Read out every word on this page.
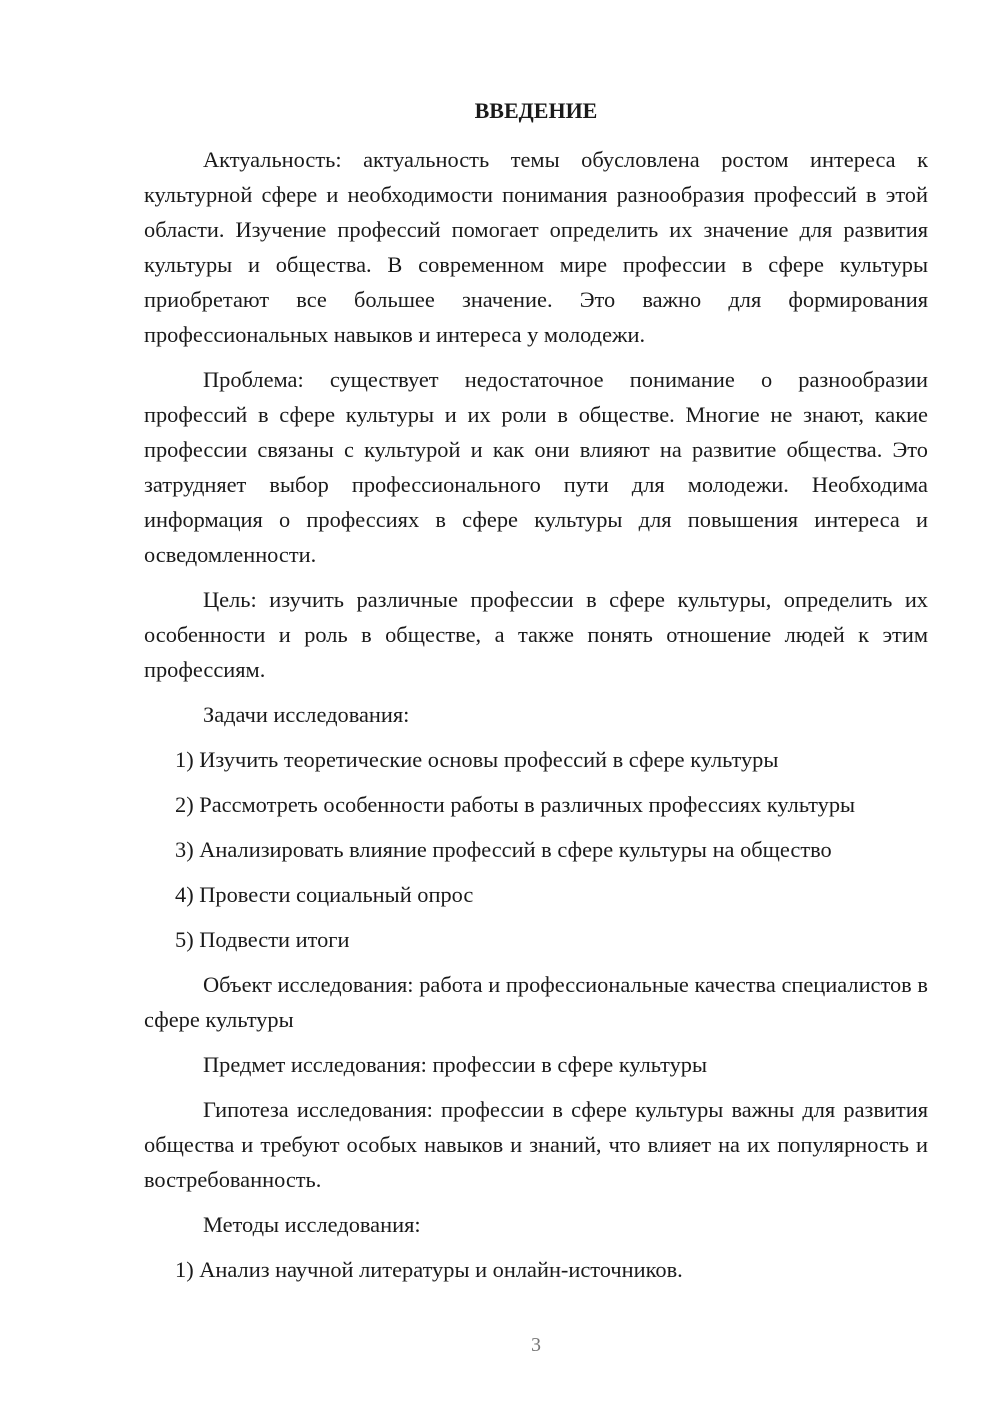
ВВЕДЕНИЕ

Актуальность: актуальность темы обусловлена ростом интереса к культурной сфере и необходимости понимания разнообразия профессий в этой области. Изучение профессий помогает определить их значение для развития культуры и общества. В современном мире профессии в сфере культуры приобретают все большее значение. Это важно для формирования профессиональных навыков и интереса у молодежи.

Проблема: существует недостаточное понимание о разнообразии профессий в сфере культуры и их роли в обществе. Многие не знают, какие профессии связаны с культурой и как они влияют на развитие общества. Это затрудняет выбор профессионального пути для молодежи. Необходима информация о профессиях в сфере культуры для повышения интереса и осведомленности.

Цель: изучить различные профессии в сфере культуры, определить их особенности и роль в обществе, а также понять отношение людей к этим профессиям.

Задачи исследования:

1) Изучить теоретические основы профессий в сфере культуры

2) Рассмотреть особенности работы в различных профессиях культуры

3) Анализировать влияние профессий в сфере культуры на общество

4) Провести социальный опрос

5) Подвести итоги

Объект исследования: работа и профессиональные качества специалистов в сфере культуры

Предмет исследования: профессии в сфере культуры

Гипотеза исследования: профессии в сфере культуры важны для развития общества и требуют особых навыков и знаний, что влияет на их популярность и востребованность.

Методы исследования:

1) Анализ научной литературы и онлайн-источников.

3
